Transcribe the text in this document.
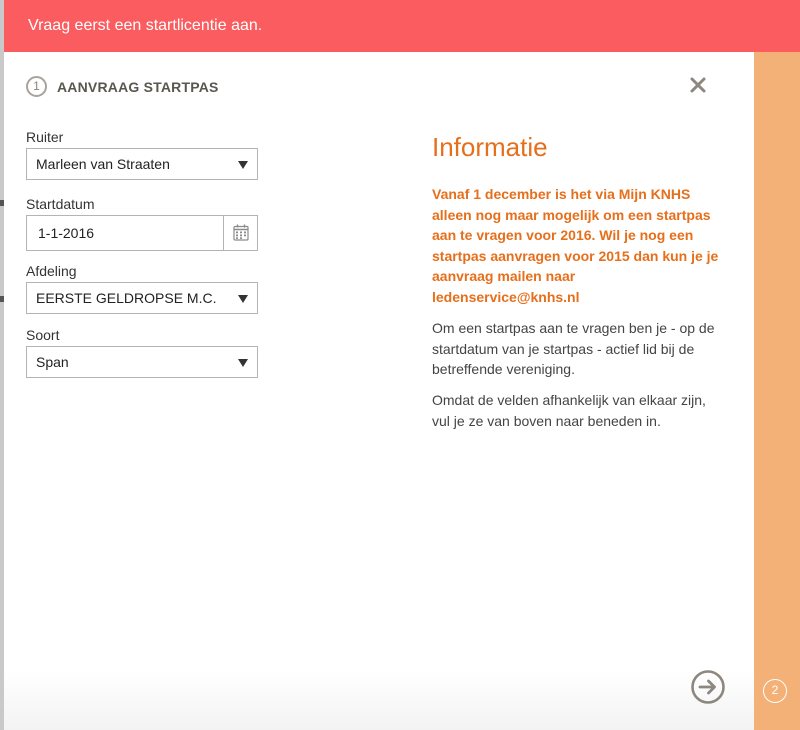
Vraag eerst een startlicentie aan.
1	AANVRAAG STARTPAS
Ruiter
Marleen van Straaten
Startdatum
1-1-2016
Afdeling
EERSTE GELDROPSE M.C.
Soort
Span
Informatie
Vanaf 1 december is het via Mijn KNHS alleen nog maar mogelijk om een startpas aan te vragen voor 2016. Wil je nog een startpas aanvragen voor 2015 dan kun je je aanvraag mailen naar ledenservice@knhs.nl
Om een startpas aan te vragen ben je - op de startdatum van je startpas - actief lid bij de betreffende vereniging.
Omdat de velden afhankelijk van elkaar zijn, vul je ze van boven naar beneden in.
2
